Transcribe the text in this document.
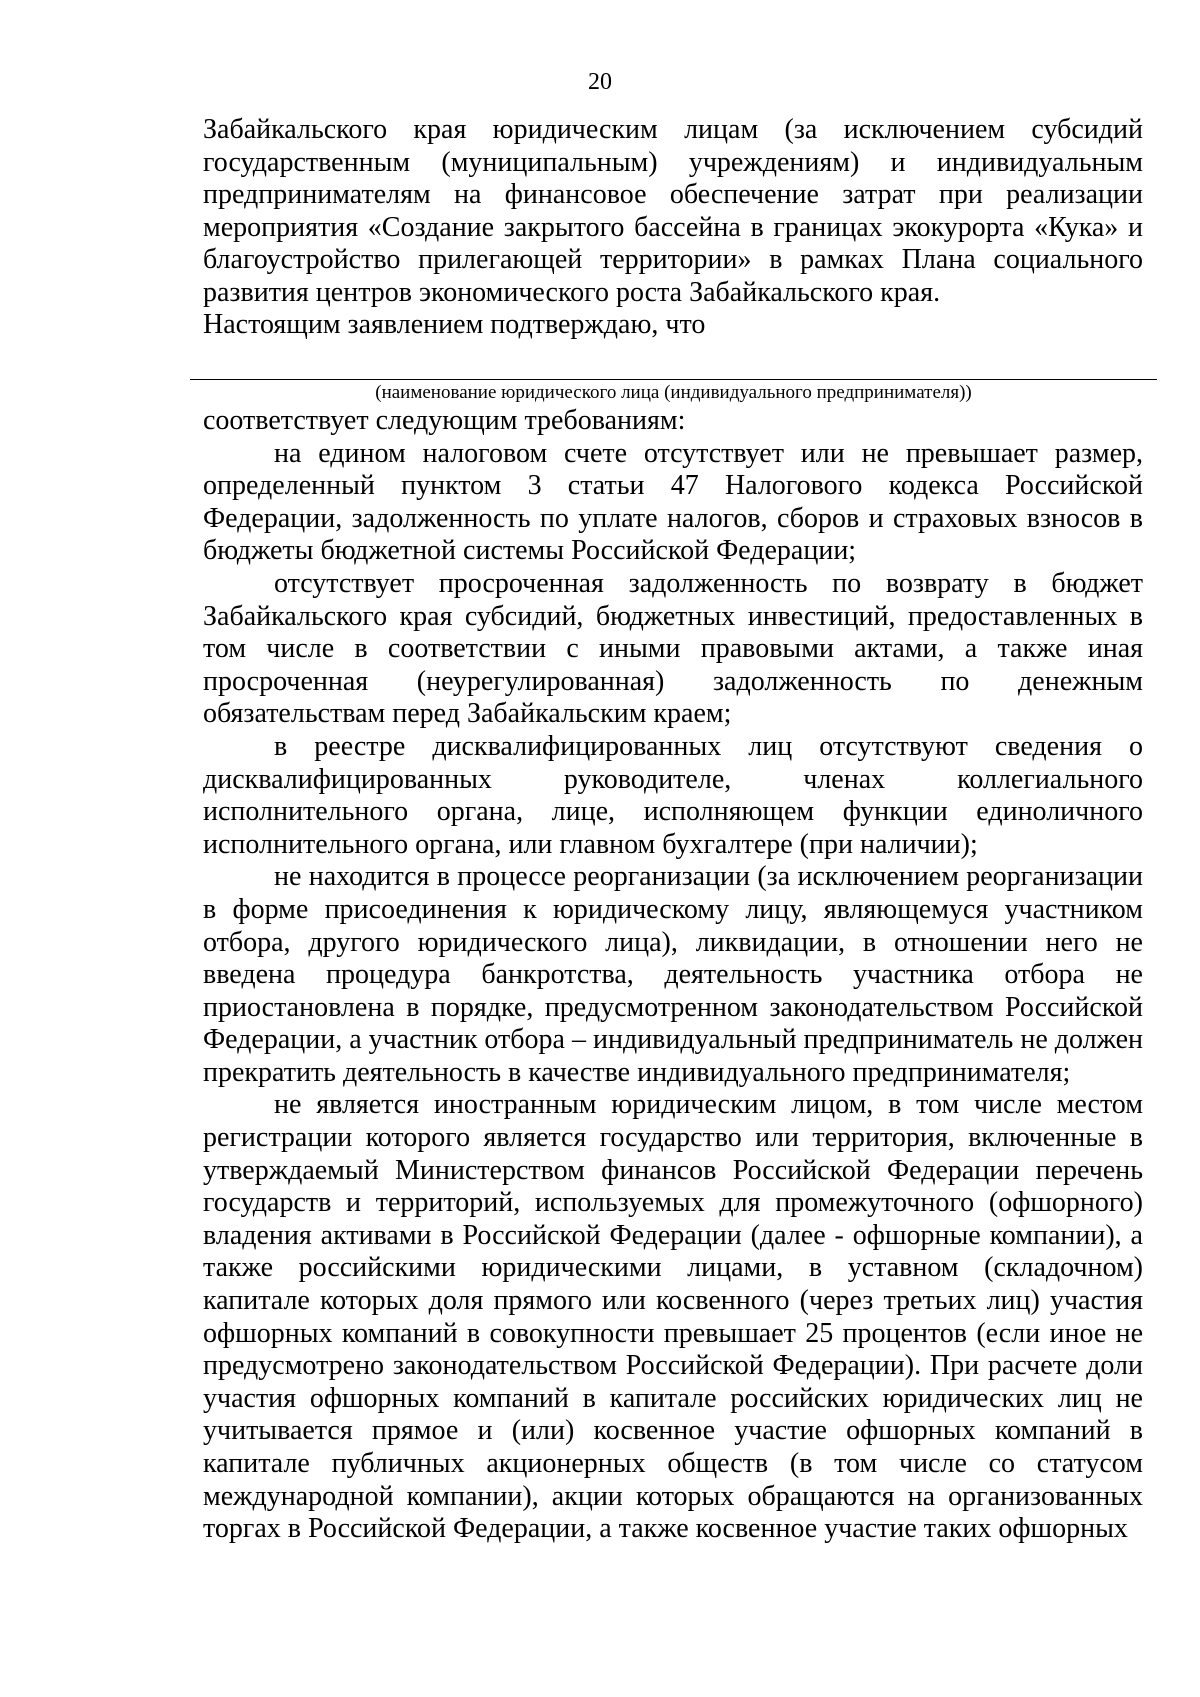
20

Забайкальского края юридическим лицам (за исключением субсидий государственным (муниципальным) учреждениям) и индивидуальным предпринимателям на финансовое обеспечение затрат при реализации мероприятия «Создание закрытого бассейна в границах экокурорта «Кука» и благоустройство прилегающей территории» в рамках Плана социального развития центров экономического роста Забайкальского края.

Настоящим заявлением подтверждаю, что

(наименование юридического лица (индивидуального предпринимателя))

соответствует следующим требованиям:

на едином налоговом счете отсутствует или не превышает размер, определенный пунктом 3 статьи 47 Налогового кодекса Российской Федерации, задолженность по уплате налогов, сборов и страховых взносов в бюджеты бюджетной системы Российской Федерации;

отсутствует просроченная задолженность по возврату в бюджет Забайкальского края субсидий, бюджетных инвестиций, предоставленных в том числе в соответствии с иными правовыми актами, а также иная просроченная (неурегулированная) задолженность по денежным обязательствам перед Забайкальским краем;

в реестре дисквалифицированных лиц отсутствуют сведения о дисквалифицированных руководителе, членах коллегиального исполнительного органа, лице, исполняющем функции единоличного исполнительного органа, или главном бухгалтере (при наличии);

не находится в процессе реорганизации (за исключением реорганизации в форме присоединения к юридическому лицу, являющемуся участником отбора, другого юридического лица), ликвидации, в отношении него не введена процедура банкротства, деятельность участника отбора не приостановлена в порядке, предусмотренном законодательством Российской Федерации, а участник отбора – индивидуальный предприниматель не должен прекратить деятельность в качестве индивидуального предпринимателя;

не является иностранным юридическим лицом, в том числе местом регистрации которого является государство или территория, включенные в утверждаемый Министерством финансов Российской Федерации перечень государств и территорий, используемых для промежуточного (офшорного) владения активами в Российской Федерации (далее - офшорные компании), а также российскими юридическими лицами, в уставном (складочном) капитале которых доля прямого или косвенного (через третьих лиц) участия офшорных компаний в совокупности превышает 25 процентов (если иное не предусмотрено законодательством Российской Федерации). При расчете доли участия офшорных компаний в капитале российских юридических лиц не учитывается прямое и (или) косвенное участие офшорных компаний в капитале публичных акционерных обществ (в том числе со статусом международной компании), акции которых обращаются на организованных торгах в Российской Федерации, а также косвенное участие таких офшорных
